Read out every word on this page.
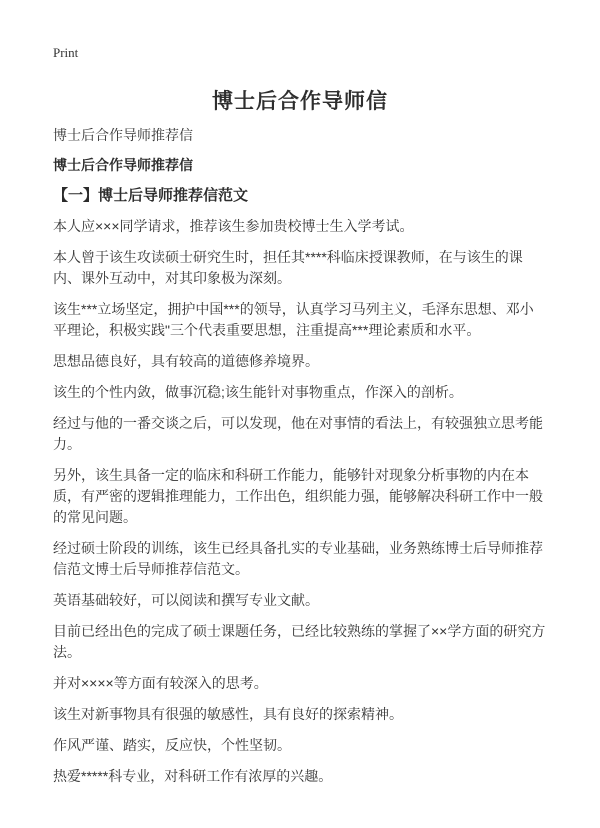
Print
博士后合作导师信

博士后合作导师推荐信

博士后合作导师推荐信

【一】博士后导师推荐信范文

本人应×××同学请求，推荐该生参加贵校博士生入学考试。

本人曾于该生攻读硕士研究生时，担任其****科临床授课教师，在与该生的课内、课外互动中，对其印象极为深刻。

该生***立场坚定，拥护中国***的领导，认真学习马列主义，毛泽东思想、邓小平理论，积极实践"三个代表重要思想，注重提高***理论素质和水平。

思想品德良好，具有较高的道德修养境界。

该生的个性内敛，做事沉稳;该生能针对事物重点，作深入的剖析。

经过与他的一番交谈之后，可以发现，他在对事情的看法上，有较强独立思考能力。

另外，该生具备一定的临床和科研工作能力，能够针对现象分析事物的内在本质，有严密的逻辑推理能力，工作出色，组织能力强，能够解决科研工作中一般的常见问题。

经过硕士阶段的训练，该生已经具备扎实的专业基础，业务熟练博士后导师推荐信范文博士后导师推荐信范文。

英语基础较好，可以阅读和撰写专业文献。

目前已经出色的完成了硕士课题任务，已经比较熟练的掌握了××学方面的研究方法。

并对××××等方面有较深入的思考。

该生对新事物具有很强的敏感性，具有良好的探索精神。

作风严谨、踏实，反应快，个性坚韧。

热爱*****科专业，对科研工作有浓厚的兴趣。
